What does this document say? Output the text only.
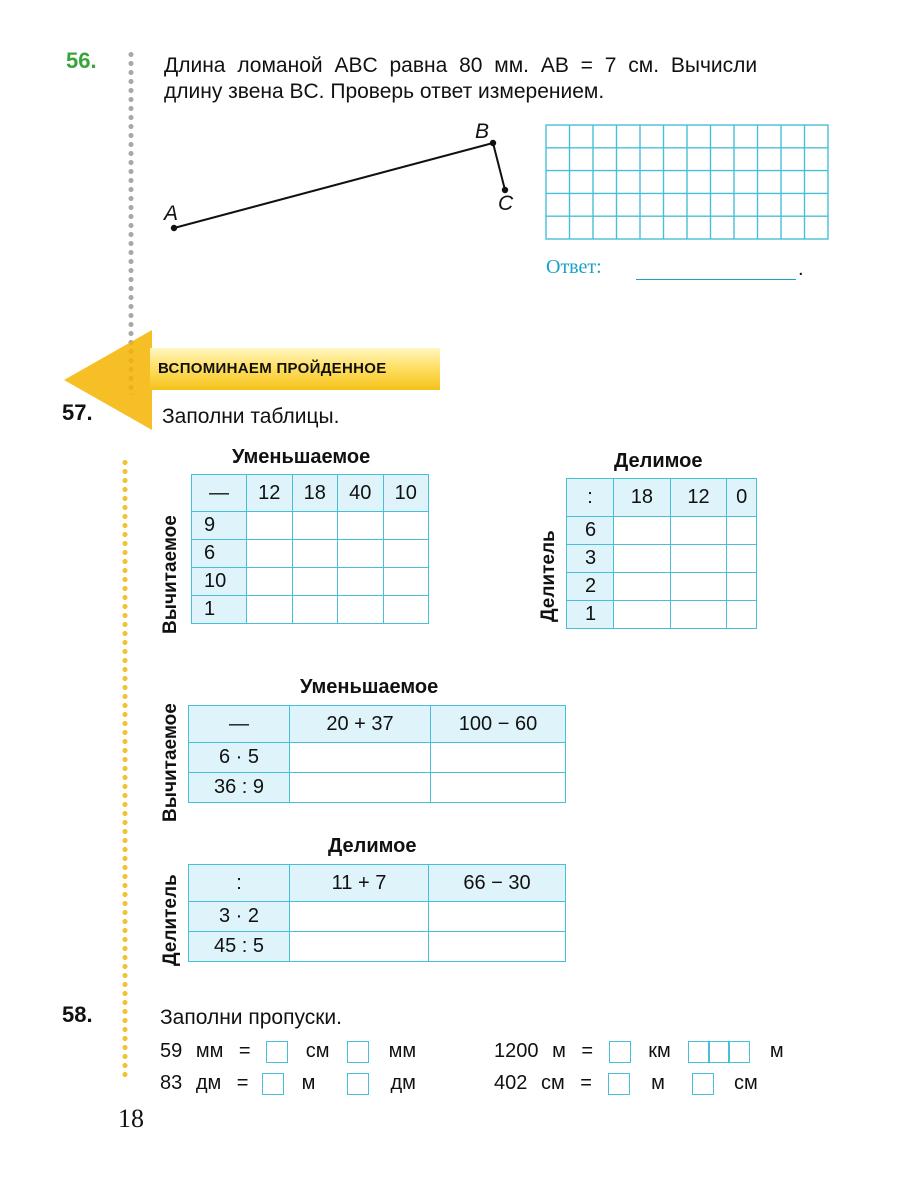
56.	Длина ломаной ABC равна 80 мм. AB = 7 см. Вычисли
длину звена BC. Проверь ответ измерением.
A
B
C
Ответ:	.
ВСПОМИНАЕМ ПРОЙДЕННОЕ
57.	Заполни таблицы.
Уменьшаемое
Вычитаемое
—	12	18	40	10
9				
6				
10				
1				
Делимое
Делитель
:	18	12	0
6			
3			
2			
1			
Уменьшаемое
Вычитаемое —	20 + 37	100 − 60
6 · 5		
36 : 9		
Делимое
Делитель	:	11 + 7	66 − 30
3 · 2		
45 : 5		
58.	Заполни пропуски.
59 мм =	см	мм
83 дм =	м	дм
1200 м =	км	м
402 см =	м	см
18
